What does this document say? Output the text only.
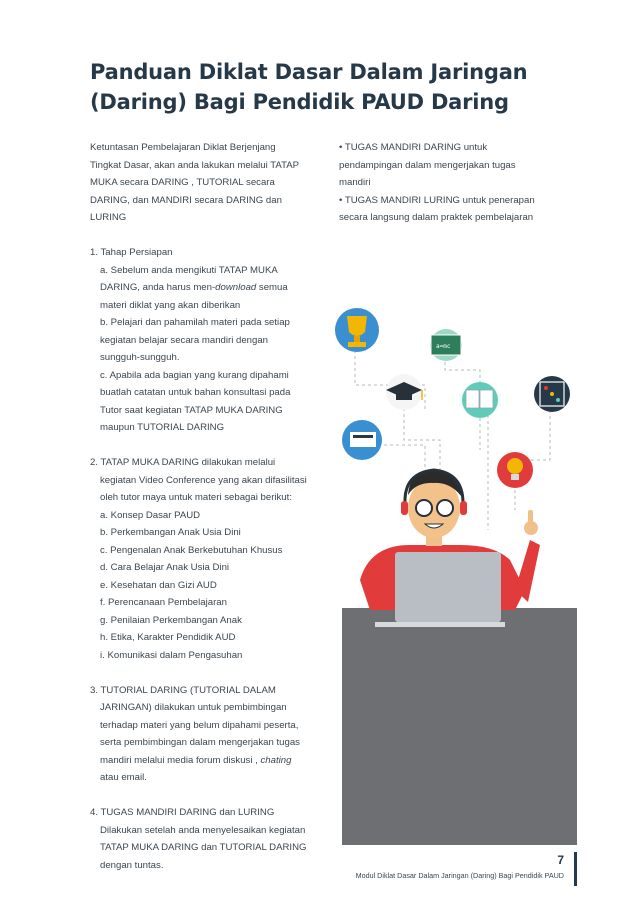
Panduan Diklat Dasar Dalam Jaringan
(Daring) Bagi Pendidik PAUD Daring
Ketuntasan Pembelajaran Diklat Berjenjang
Tingkat Dasar, akan anda lakukan melalui TATAP
MUKA secara DARING , TUTORIAL secara
DARING, dan MANDIRI secara DARING dan
LURING
1. Tahap Persiapan
a. Sebelum anda mengikuti TATAP MUKA
DARING, anda harus men-download semua
materi diklat yang akan diberikan
b. Pelajari dan pahamilah materi pada setiap
kegiatan belajar secara mandiri dengan
sungguh-sungguh.
c. Apabila ada bagian yang kurang dipahami
buatlah catatan untuk bahan konsultasi pada
Tutor saat kegiatan TATAP MUKA DARING
maupun TUTORIAL DARING
2. TATAP MUKA DARING dilakukan melalui
kegiatan Video Conference yang akan difasilitasi
oleh tutor maya untuk materi sebagai berikut:
a. Konsep Dasar PAUD
b. Perkembangan Anak Usia Dini
c. Pengenalan Anak Berkebutuhan Khusus
d. Cara Belajar Anak Usia Dini
e. Kesehatan dan Gizi AUD
f. Perencanaan Pembelajaran
g. Penilaian Perkembangan Anak
h. Etika, Karakter Pendidik AUD
i. Komunikasi dalam Pengasuhan
3. TUTORIAL DARING (TUTORIAL DALAM
JARINGAN) dilakukan untuk pembimbingan
terhadap materi yang belum dipahami peserta,
serta pembimbingan dalam mengerjakan tugas
mandiri melalui media forum diskusi , chating
atau email.
4. TUGAS MANDIRI DARING dan LURING
Dilakukan setelah anda menyelesaikan kegiatan
TATAP MUKA DARING dan TUTORIAL DARING
dengan tuntas.
• TUGAS MANDIRI DARING untuk
pendampingan dalam mengerjakan tugas
mandiri
• TUGAS MANDIRI LURING untuk penerapan
secara langsung dalam praktek pembelajaran
a=mc
7
Modul Diklat Dasar Dalam Jaringan (Daring) Bagi Pendidik PAUD
